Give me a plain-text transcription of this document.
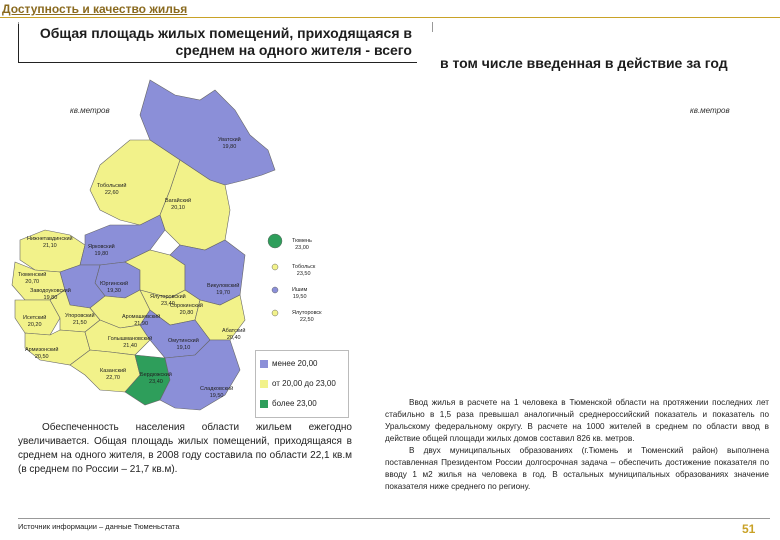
Доступность и качество жилья
Общая площадь жилых помещений, приходящаяся в среднем на одного жителя - всего
в том числе введенная в действие за год
кв.метров	кв.метров
Уватский
19,80
Тобольский
22,60
Вагайский
20,10
Нижнетавдинский
21,10	Ярковский
19,80
Тюменский
20,70
Заводоуковский
19,80
Юргинский
19,30
Ялуторовский
23,40
Викуловский
19,70
Исетский
20,20
Упоровский
21,50
Аромашевский
21,90
Сорокинский
20,80
Абатский
20,40
Армизонский
20,50
Голышмановский
21,40
Омутинский
19,10
Казанский
22,70	Бердюжский
23,40
Сладковский
19,50
Тюмень
23,00
Тобольск
23,50
Ишим
19,50
Ялуторовск
22,50
менее 20,00
от 20,00 до 23,00
более 23,00
Обеспеченность населения области жильем ежегодно увеличивается. Общая площадь жилых помещений, приходящаяся в среднем на одного жителя, в 2008 году составила по области 22,1 кв.м (в среднем по России – 21,7 кв.м).

Ввод жилья в расчете на 1 человека в Тюменской области на протяжении последних лет стабильно в 1,5 раза превышал аналогичный среднероссийский показатель и показатель по Уральскому федеральному округу. В расчете на 1000 жителей в среднем по области ввод в действие общей площади жилых домов составил 826 кв. метров.

В двух муниципальных образованиях (г.Тюмень и Тюменский район) выполнена поставленная Президентом России долгосрочная задача – обеспечить достижение показателя по вводу 1 м2 жилья на человека в год. В остальных муниципальных образованиях значение показателя ниже среднего по региону.

Источник информации – данные Тюменьстата	51
